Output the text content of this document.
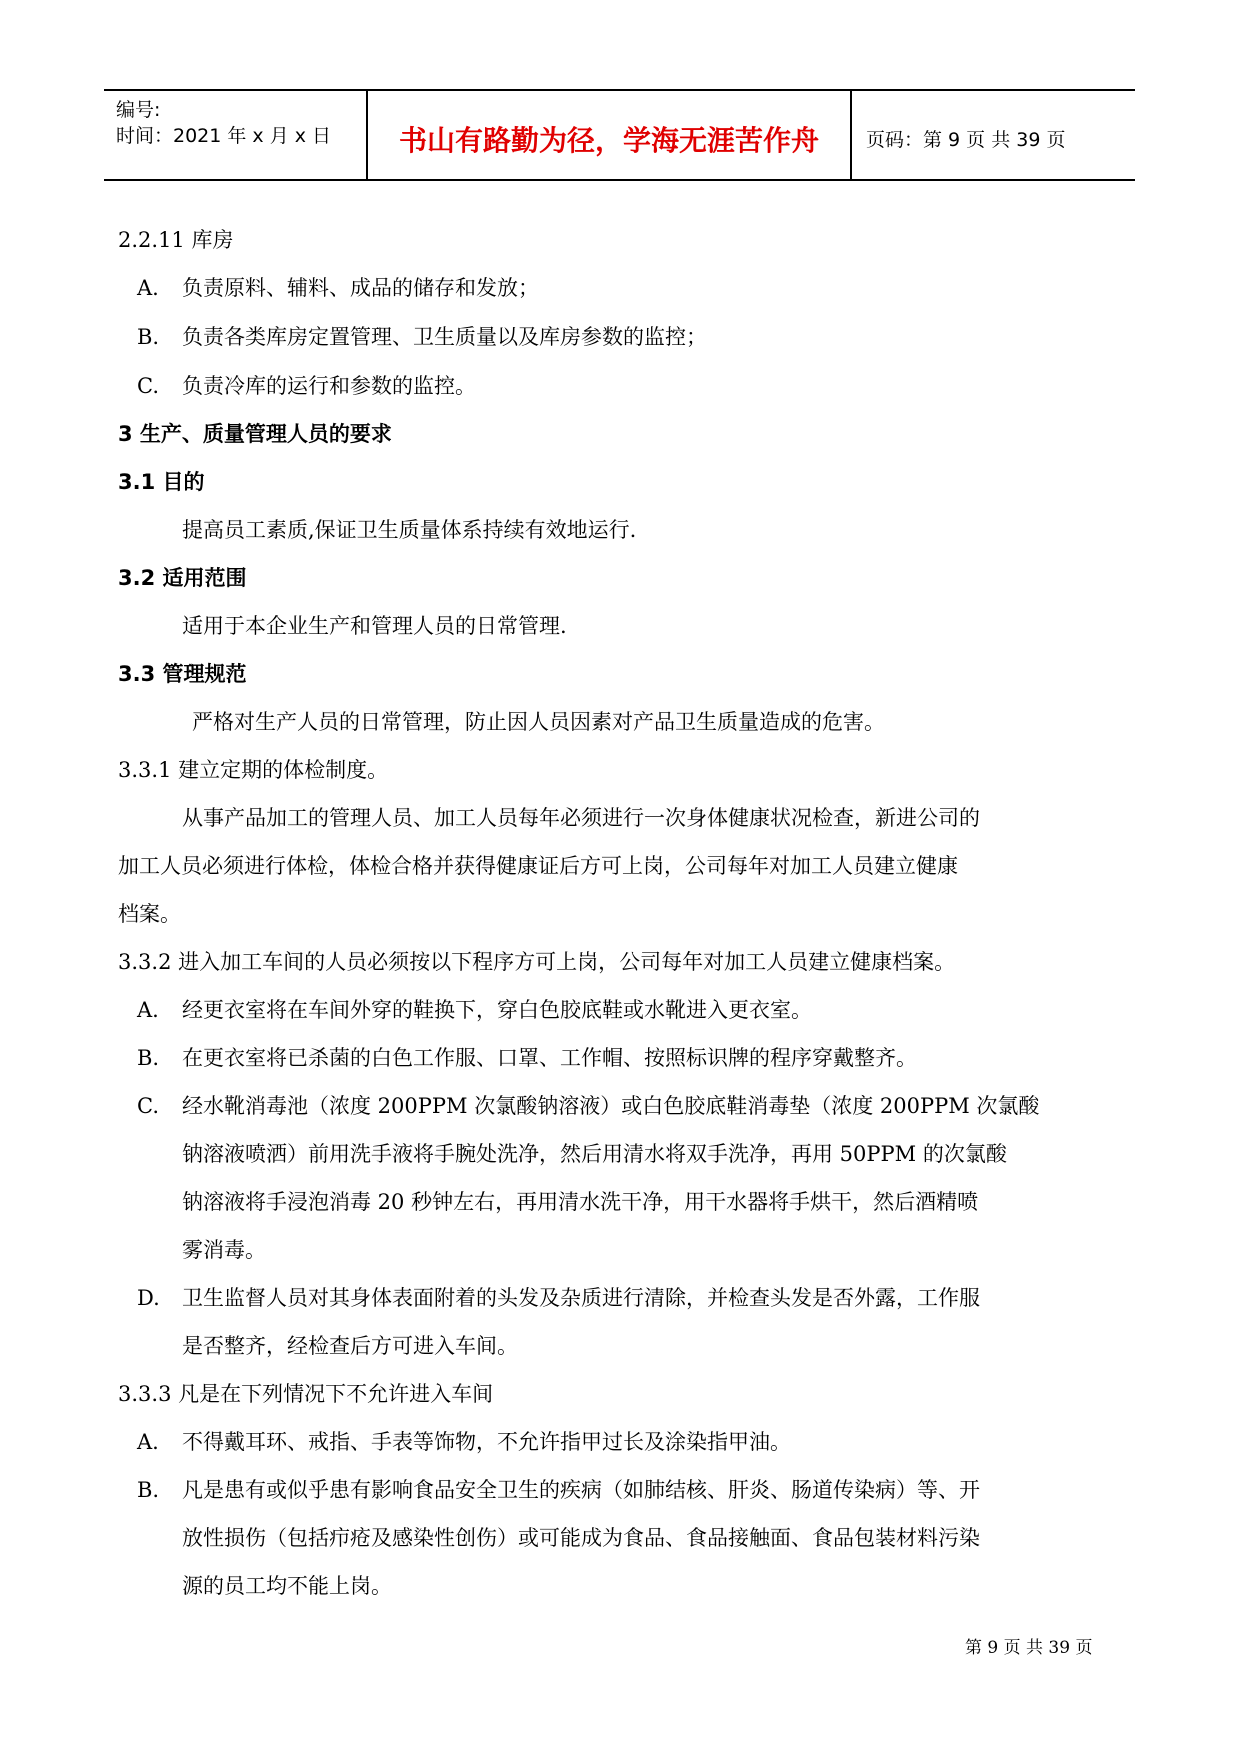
编号:
时间：2021 年 x 月 x 日	书山有路勤为径，学海无涯苦作舟	页码：第 9 页 共 39 页
2.2.11 库房
A. 负责原料、辅料、成品的储存和发放；
B. 负责各类库房定置管理、卫生质量以及库房参数的监控；
C. 负责冷库的运行和参数的监控。
3 生产、质量管理人员的要求
3.1 目的
提高员工素质,保证卫生质量体系持续有效地运行.
3.2 适用范围
适用于本企业生产和管理人员的日常管理.
3.3 管理规范
严格对生产人员的日常管理，防止因人员因素对产品卫生质量造成的危害。
3.3.1 建立定期的体检制度。
从事产品加工的管理人员、加工人员每年必须进行一次身体健康状况检查，新进公司的
加工人员必须进行体检，体检合格并获得健康证后方可上岗，公司每年对加工人员建立健康
档案。
3.3.2 进入加工车间的人员必须按以下程序方可上岗，公司每年对加工人员建立健康档案。
A. 经更衣室将在车间外穿的鞋换下，穿白色胶底鞋或水靴进入更衣室。
B. 在更衣室将已杀菌的白色工作服、口罩、工作帽、按照标识牌的程序穿戴整齐。
C. 经水靴消毒池（浓度 200PPM 次氯酸钠溶液）或白色胶底鞋消毒垫（浓度 200PPM 次氯酸
钠溶液喷洒）前用洗手液将手腕处洗净，然后用清水将双手洗净，再用 50PPM 的次氯酸
钠溶液将手浸泡消毒 20 秒钟左右，再用清水洗干净，用干水器将手烘干，然后酒精喷
雾消毒。
D. 卫生监督人员对其身体表面附着的头发及杂质进行清除，并检查头发是否外露，工作服
是否整齐，经检查后方可进入车间。
3.3.3 凡是在下列情况下不允许进入车间
A. 不得戴耳环、戒指、手表等饰物，不允许指甲过长及涂染指甲油。
B. 凡是患有或似乎患有影响食品安全卫生的疾病（如肺结核、肝炎、肠道传染病）等、开
放性损伤（包括疖疮及感染性创伤）或可能成为食品、食品接触面、食品包装材料污染
源的员工均不能上岗。
第 9 页 共 39 页
